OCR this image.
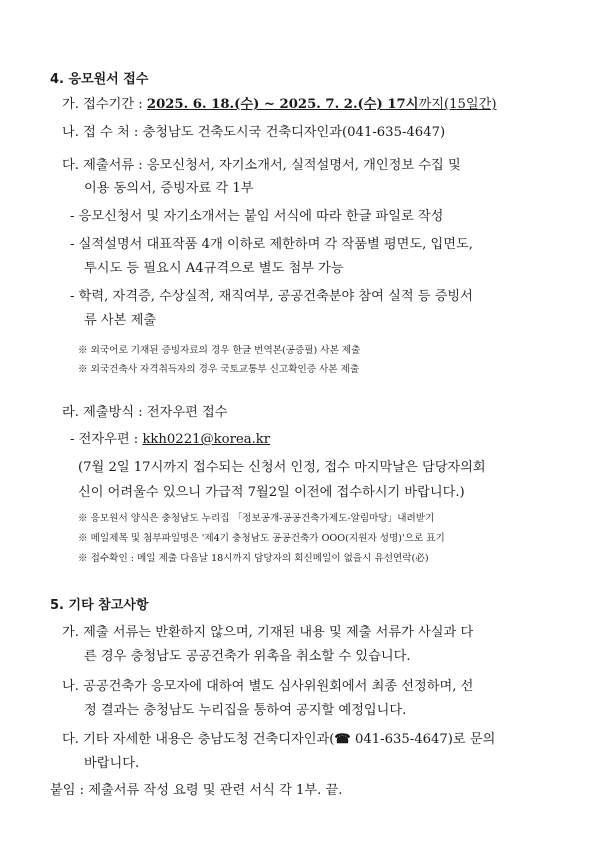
4. 응모원서 접수
가. 접수기간 : 2025. 6. 18.(수) ~ 2025. 7. 2.(수) 17시까지(15일간)
나. 접 수 처 : 충청남도 건축도시국 건축디자인과(041-635-4647)
다. 제출서류 : 응모신청서, 자기소개서, 실적설명서, 개인정보 수집 및
이용 동의서, 증빙자료 각 1부
- 응모신청서 및 자기소개서는 붙임 서식에 따라 한글 파일로 작성
- 실적설명서 대표작품 4개 이하로 제한하며 각 작품별 평면도, 입면도,
투시도 등 필요시 A4규격으로 별도 첨부 가능
- 학력, 자격증, 수상실적, 재직여부, 공공건축분야 참여 실적 등 증빙서
류 사본 제출
※ 외국어로 기재된 증빙자료의 경우 한글 번역본(공증필) 사본 제출
※ 외국건축사 자격취득자의 경우 국토교통부 신고확인증 사본 제출
라. 제출방식 : 전자우편 접수
- 전자우편 : kkh0221@korea.kr
(7월 2일 17시까지 접수되는 신청서 인정, 접수 마지막날은 담당자의회
신이 어려울수 있으니 가급적 7월2일 이전에 접수하시기 바랍니다.)
※ 응모원서 양식은 충청남도 누리집 「정보공개-공공건축가제도-알림마당」내려받기
※ 메일제목 및 첨부파일명은 '제4기 충청남도 공공건축가 OOO(지원자 성명)'으로 표기
※ 접수확인 : 메일 제출 다음날 18시까지 담당자의 회신메일이 없을시 유선연락(必)
5. 기타 참고사항
가. 제출 서류는 반환하지 않으며, 기재된 내용 및 제출 서류가 사실과 다
른 경우 충청남도 공공건축가 위촉을 취소할 수 있습니다.
나. 공공건축가 응모자에 대하여 별도 심사위원회에서 최종 선정하며, 선
정 결과는 충청남도 누리집을 통하여 공지할 예정입니다.
다. 기타 자세한 내용은 충남도청 건축디자인과(☎ 041-635-4647)로 문의
바랍니다.
붙임 : 제출서류 작성 요령 및 관련 서식 각 1부. 끝.
